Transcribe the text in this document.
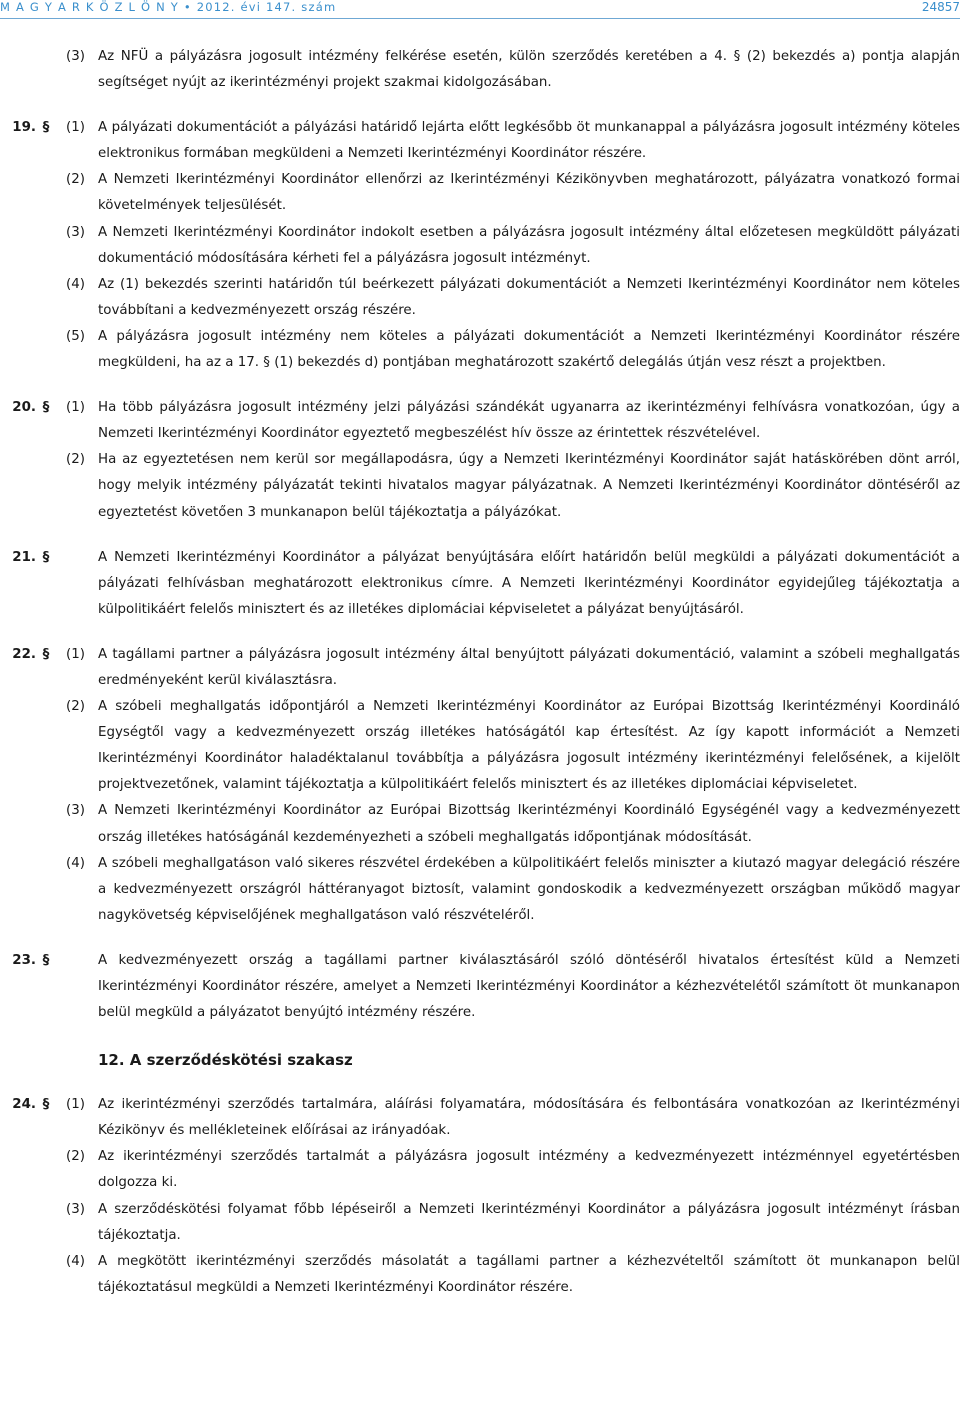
M A G Y A R K Ö Z L Ö N Y • 2012. évi 147. szám	24857
(3) Az NFÜ a pályázásra jogosult intézmény felkérése esetén, külön szerződés keretében a 4. § (2) bekezdés a) pontja alapján segítséget nyújt az ikerintézményi projekt szakmai kidolgozásában.
19. §	(1) A pályázati dokumentációt a pályázási határidő lejárta előtt legkésőbb öt munkanappal a pályázásra jogosult intézmény köteles elektronikus formában megküldeni a Nemzeti Ikerintézményi Koordinátor részére.
(2) A Nemzeti Ikerintézményi Koordinátor ellenőrzi az Ikerintézményi Kézikönyvben meghatározott, pályázatra vonatkozó formai követelmények teljesülését.
(3) A Nemzeti Ikerintézményi Koordinátor indokolt esetben a pályázásra jogosult intézmény által előzetesen megküldött pályázati dokumentáció módosítására kérheti fel a pályázásra jogosult intézményt.
(4) Az (1) bekezdés szerinti határidőn túl beérkezett pályázati dokumentációt a Nemzeti Ikerintézményi Koordinátor nem köteles továbbítani a kedvezményezett ország részére.
(5) A pályázásra jogosult intézmény nem köteles a pályázati dokumentációt a Nemzeti Ikerintézményi Koordinátor részére megküldeni, ha az a 17. § (1) bekezdés d) pontjában meghatározott szakértő delegálás útján vesz részt a projektben.
20. §	(1) Ha több pályázásra jogosult intézmény jelzi pályázási szándékát ugyanarra az ikerintézményi felhívásra vonatkozóan, úgy a Nemzeti Ikerintézményi Koordinátor egyeztető megbeszélést hív össze az érintettek részvételével.
(2) Ha az egyeztetésen nem kerül sor megállapodásra, úgy a Nemzeti Ikerintézményi Koordinátor saját hatáskörében dönt arról, hogy melyik intézmény pályázatát tekinti hivatalos magyar pályázatnak. A Nemzeti Ikerintézményi Koordinátor döntéséről az egyeztetést követően 3 munkanapon belül tájékoztatja a pályázókat.
21. §	A Nemzeti Ikerintézményi Koordinátor a pályázat benyújtására előírt határidőn belül megküldi a pályázati dokumentációt a pályázati felhívásban meghatározott elektronikus címre. A Nemzeti Ikerintézményi Koordinátor egyidejűleg tájékoztatja a külpolitikáért felelős minisztert és az illetékes diplomáciai képviseletet a pályázat benyújtásáról.
22. §	(1) A tagállami partner a pályázásra jogosult intézmény által benyújtott pályázati dokumentáció, valamint a szóbeli meghallgatás eredményeként kerül kiválasztásra.
(2) A szóbeli meghallgatás időpontjáról a Nemzeti Ikerintézményi Koordinátor az Európai Bizottság Ikerintézményi Koordináló Egységtől vagy a kedvezményezett ország illetékes hatóságától kap értesítést. Az így kapott információt a Nemzeti Ikerintézményi Koordinátor haladéktalanul továbbítja a pályázásra jogosult intézmény ikerintézményi felelősének, a kijelölt projektvezetőnek, valamint tájékoztatja a külpolitikáért felelős minisztert és az illetékes diplomáciai képviseletet.
(3) A Nemzeti Ikerintézményi Koordinátor az Európai Bizottság Ikerintézményi Koordináló Egységénél vagy a kedvezményezett ország illetékes hatóságánál kezdeményezheti a szóbeli meghallgatás időpontjának módosítását.
(4) A szóbeli meghallgatáson való sikeres részvétel érdekében a külpolitikáért felelős miniszter a kiutazó magyar delegáció részére a kedvezményezett országról háttéranyagot biztosít, valamint gondoskodik a kedvezményezett országban működő magyar nagykövetség képviselőjének meghallgatáson való részvételéről.
23. §	A kedvezményezett ország a tagállami partner kiválasztásáról szóló döntéséről hivatalos értesítést küld a Nemzeti Ikerintézményi Koordinátor részére, amelyet a Nemzeti Ikerintézményi Koordinátor a kézhezvételétől számított öt munkanapon belül megküld a pályázatot benyújtó intézmény részére.
12. A szerződéskötési szakasz
24. §	(1) Az ikerintézményi szerződés tartalmára, aláírási folyamatára, módosítására és felbontására vonatkozóan az Ikerintézményi Kézikönyv és mellékleteinek előírásai az irányadóak.
(2) Az ikerintézményi szerződés tartalmát a pályázásra jogosult intézmény a kedvezményezett intézménnyel egyetértésben dolgozza ki.
(3) A szerződéskötési folyamat főbb lépéseiről a Nemzeti Ikerintézményi Koordinátor a pályázásra jogosult intézményt írásban tájékoztatja.
(4) A megkötött ikerintézményi szerződés másolatát a tagállami partner a kézhezvételtől számított öt munkanapon belül tájékoztatásul megküldi a Nemzeti Ikerintézményi Koordinátor részére.
